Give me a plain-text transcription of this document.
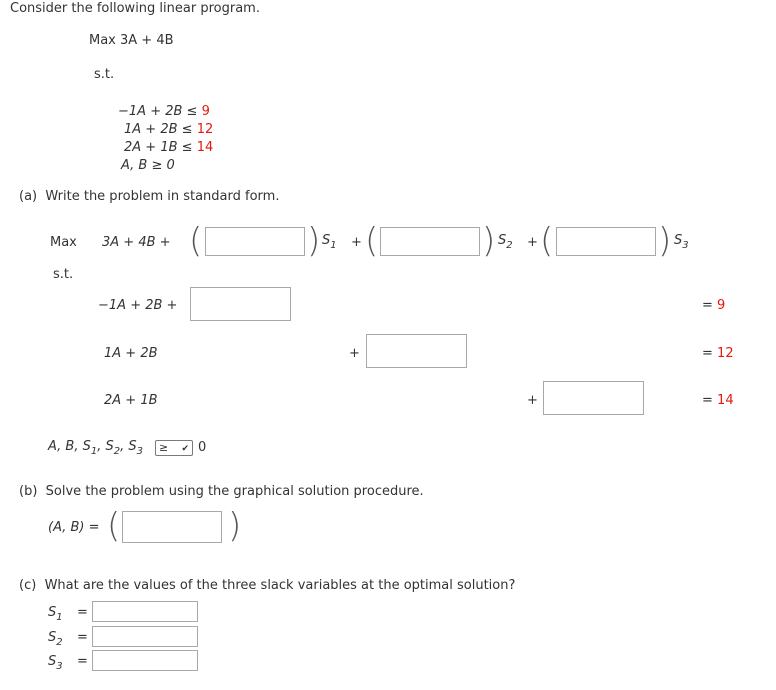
Consider the following linear program.
Max 3A + 4B
s.t.
−1A + 2B ≤ 9
1A + 2B ≤ 12
2A + 1B ≤ 14
A, B ≥ 0
(a) Write the problem in standard form.
Max 3A + 4B + (	) $S_1$ + (	) $S_2$ + (	) $S_3$
s.t.
−1A + 2B +	= 9
1A + 2B	+	= 12
2A + 1B	+	= 14
A, B, $S_1$, $S_2$, $S_3$ ≥ ✔ 0
(b) Solve the problem using the graphical solution procedure.
(A, B) = (	)
(c) What are the values of the three slack variables at the optimal solution?
$S_1$ =
$S_2$ =
$S_3$ =
